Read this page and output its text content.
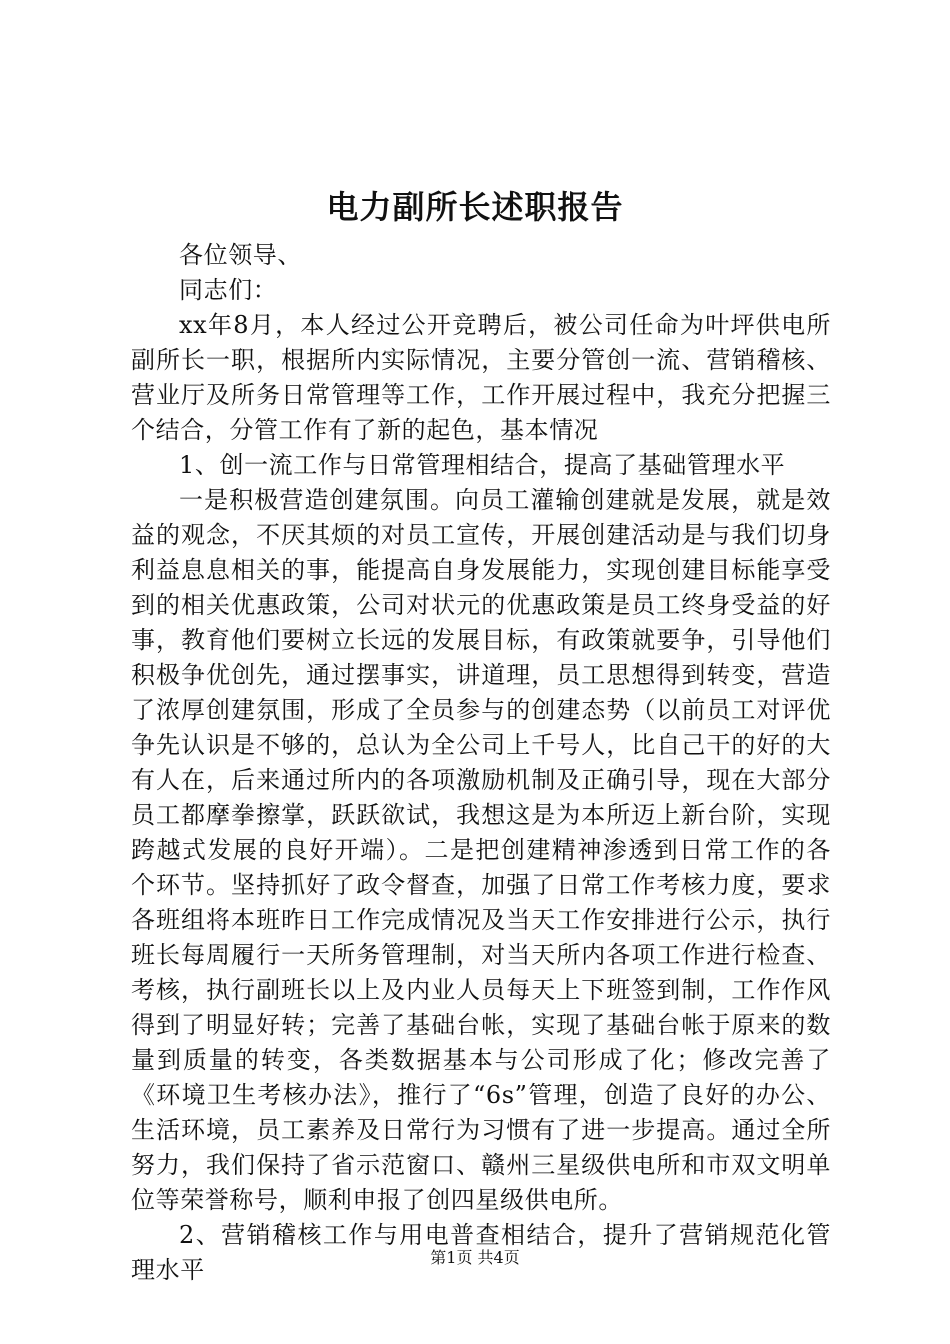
电力副所长述职报告

各位领导、

同志们：

xx年8月，本人经过公开竞聘后，被公司任命为叶坪供电所副所长一职，根据所内实际情况，主要分管创一流、营销稽核、营业厅及所务日常管理等工作，工作开展过程中，我充分把握三个结合，分管工作有了新的起色，基本情况

1、创一流工作与日常管理相结合，提高了基础管理水平

一是积极营造创建氛围。向员工灌输创建就是发展，就是效益的观念，不厌其烦的对员工宣传，开展创建活动是与我们切身利益息息相关的事，能提高自身发展能力，实现创建目标能享受到的相关优惠政策，公司对状元的优惠政策是员工终身受益的好事，教育他们要树立长远的发展目标，有政策就要争，引导他们积极争优创先，通过摆事实，讲道理，员工思想得到转变，营造了浓厚创建氛围，形成了全员参与的创建态势（以前员工对评优争先认识是不够的，总认为全公司上千号人，比自己干的好的大有人在，后来通过所内的各项激励机制及正确引导，现在大部分员工都摩拳擦掌，跃跃欲试，我想这是为本所迈上新台阶，实现跨越式发展的良好开端）。二是把创建精神渗透到日常工作的各个环节。坚持抓好了政令督查，加强了日常工作考核力度，要求各班组将本班昨日工作完成情况及当天工作安排进行公示，执行班长每周履行一天所务管理制，对当天所内各项工作进行检查、考核，执行副班长以上及内业人员每天上下班签到制，工作作风得到了明显好转；完善了基础台帐，实现了基础台帐于原来的数量到质量的转变，各类数据基本与公司形成了化；修改完善了《环境卫生考核办法》，推行了“6s”管理，创造了良好的办公、生活环境，员工素养及日常行为习惯有了进一步提高。通过全所努力，我们保持了省示范窗口、赣州三星级供电所和市双文明单位等荣誉称号，顺利申报了创四星级供电所。

2、营销稽核工作与用电普查相结合，提升了营销规范化管理水平	第1页 共4页
